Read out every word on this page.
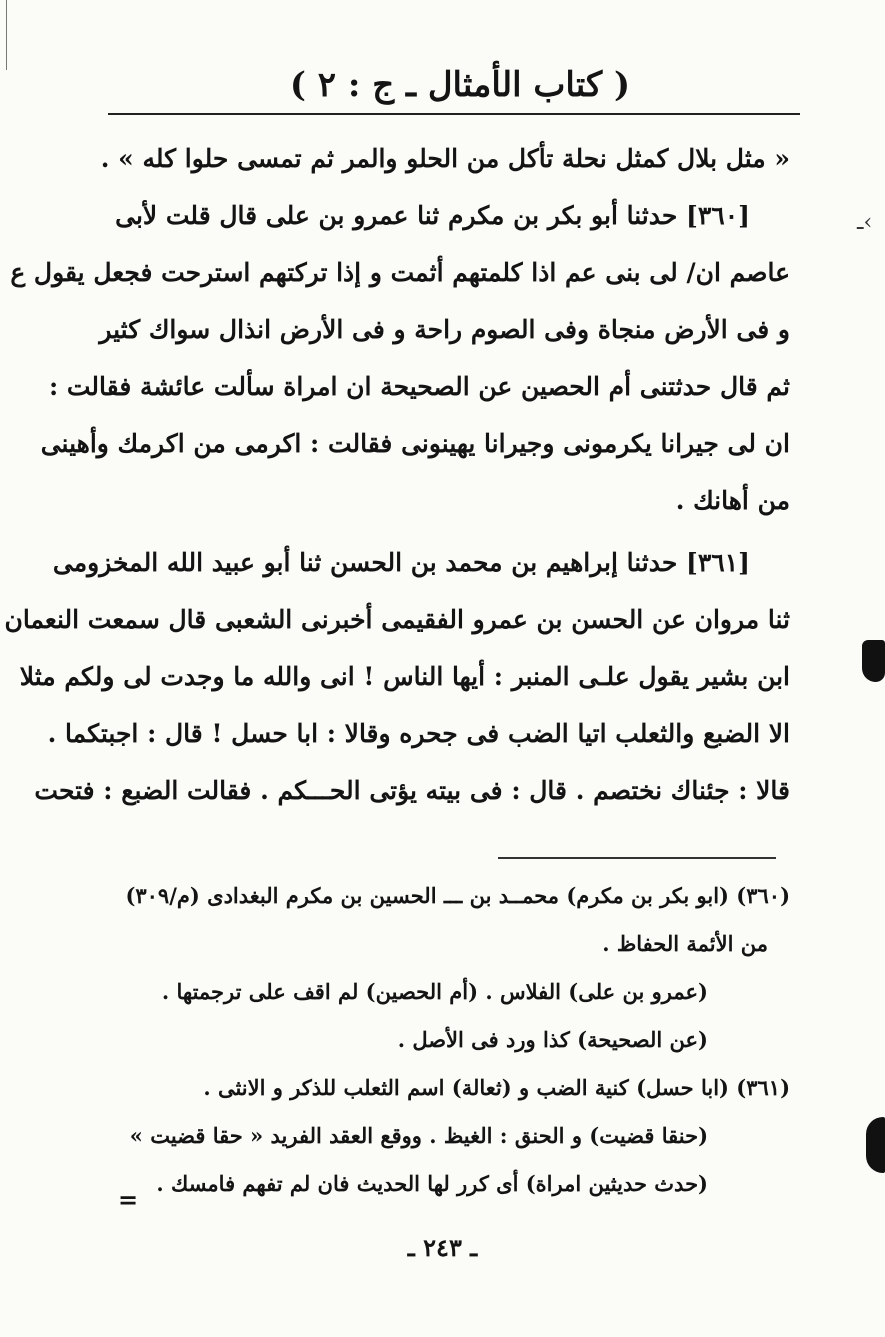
( كتاب الأمثال ـ ج : ٢ )
« مثل بلال كمثل نحلة تأكل من الحلو والمر ثم تمسى حلوا كله » .
[٣٦٠] حدثنا أبو بكر بن مكرم ثنا عمرو بن على قال قلت لأبى
عاصم ان/ لى بنى عم اذا كلمتهم أثمت و إذا تركتهم استرحت فجعل يقول ع
و فى الأرض منجاة وفى الصوم راحة و فى الأرض انذال سواك كثير
ثم قال حدثتنى أم الحصين عن الصحيحة ان امراة سألت عائشة فقالت :
ان لى جيرانا يكرمونى وجيرانا يهينونى فقالت : اكرمى من اكرمك وأهينى
من أهانك .
[٣٦١] حدثنا إبراهيم بن محمد بن الحسن ثنا أبو عبيد الله المخزومى
ثنا مروان عن الحسن بن عمرو الفقيمى أخبرنى الشعبى قال سمعت النعمان
ابن بشير يقول علـى المنبر : أيها الناس ! انى والله ما وجدت لى ولكم مثلا
الا الضبع والثعلب اتيا الضب فى جحره وقالا : ابا حسل ! قال : اجبتكما .
قالا : جئناك نختصم . قال : فى بيته يؤتى الحـــكم . فقالت الضبع : فتحت
(٣٦٠) (ابو بكر بن مكرم) محمــد بن ـــ الحسين بن مكرم البغدادى (م/٣٠٩)
من الأئمة الحفاظ .
(عمرو بن على) الفلاس . (أم الحصين) لم اقف على ترجمتها .
(عن الصحيحة) كذا ورد فى الأصل .
(٣٦١) (ابا حسل) كنية الضب و (ثعالة) اسم الثعلب للذكر و الانثى .
(حنقا قضيت) و الحنق : الغيظ . ووقع العقد الفريد « حقا قضيت »
(حدث حديثين امراة) أى كرر لها الحديث فان لم تفهم فامسك .
ـ ٢٤٣ ـ
ـ‹
=
